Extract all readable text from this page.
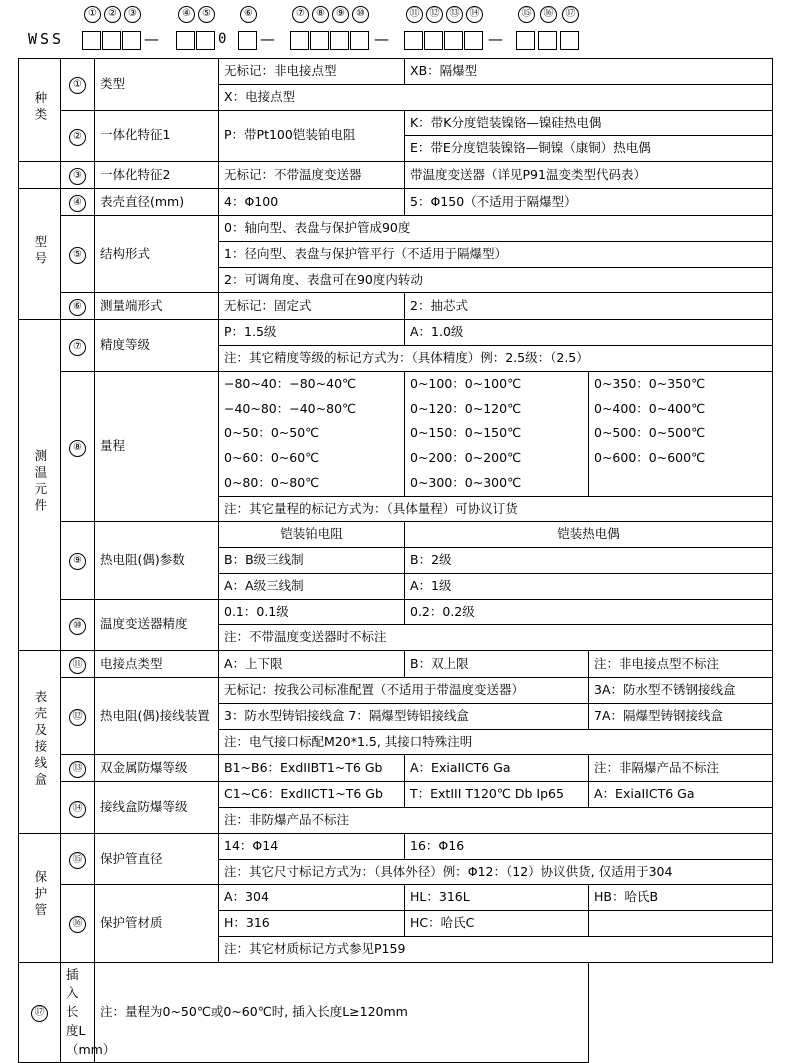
①	②	③	④	⑤	⑥	⑦	⑧	⑨	⑩	⑪	⑫	⑬	⑭	⑮	⑯	⑰
WSS	—	0 —	—	—
种类	①	类型	无标记：非电接点型	XB：隔爆型	
			X：电接点型		
	②	一体化特征1	P：带Pt100铠装铂电阻	K：带K分度铠装镍铬—镍硅热电偶	
				E：带E分度铠装镍铬—铜镍（康铜）热电偶	
	③	一体化特征2	无标记：不带温度变送器	带温度变送器（详见P91温变类型代码表）	
型号	④	表壳直径(mm)	4：Φ100	5：Φ150（不适用于隔爆型）	
	⑤	结构形式	0：轴向型、表盘与保护管成90度		
			1：径向型、表盘与保护管平行（不适用于隔爆型）		
			2：可调角度、表盘可在90度内转动		
	⑥	测量端形式	无标记：固定式	2：抽芯式	
测温元件	⑦	精度等级	P：1.5级	A：1.0级	
			注：其它精度等级的标记方式为：（具体精度）例：2.5级：（2.5）		
	⑧	量程	−80~40：−80~40℃	0~100：0~100℃	0~350：0~350℃
			−40~80：−40~80℃	0~120：0~120℃	0~400：0~400℃
			0~50：0~50℃	0~150：0~150℃	0~500：0~500℃
			0~60：0~60℃	0~200：0~200℃	0~600：0~600℃
			0~80：0~80℃	0~300：0~300℃	
			注：其它量程的标记方式为：（具体量程）可协议订货		
	⑨	热电阻(偶)参数	铠装铂电阻	铠装热电偶	
			B：B级三线制	B：2级	
			A：A级三线制	A：1级	
	⑩	温度变送器精度	0.1：0.1级	0.2：0.2级	
			注：不带温度变送器时不标注		
表壳及接线盒	⑪	电接点类型	A：上下限	B：双上限	注：非电接点型不标注
	⑫	热电阻(偶)接线装置	无标记：按我公司标准配置（不适用于带温度变送器）		3A：防水型不锈钢接线盒
			3：防水型铸铝接线盒 7：隔爆型铸铝接线盒		7A：隔爆型铸钢接线盒
			注：电气接口标配M20*1.5, 其接口特殊注明		
	⑬	双金属防爆等级	B1~B6：ExdIIBT1~T6 Gb	A：ExiaIICT6 Ga	注：非隔爆产品不标注
	⑭	接线盒防爆等级	C1~C6：ExdIICT1~T6 Gb	T：ExtIII T120℃ Db Ip65	A：ExiaIICT6 Ga
			注：非防爆产品不标注		
保护管	⑮	保护管直径	14：Φ14	16：Φ16	
			注：其它尺寸标记方式为：（具体外径）例：Φ12：（12）协议供货, 仅适用于304		
	⑯	保护管材质	A：304	HL：316L	HB：哈氏B
			H：316	HC：哈氏C	
			注：其它材质标记方式参见P159		
⑰	插入长度L（mm）	注：量程为0~50℃或0~60℃时, 插入长度L≥120mm			
